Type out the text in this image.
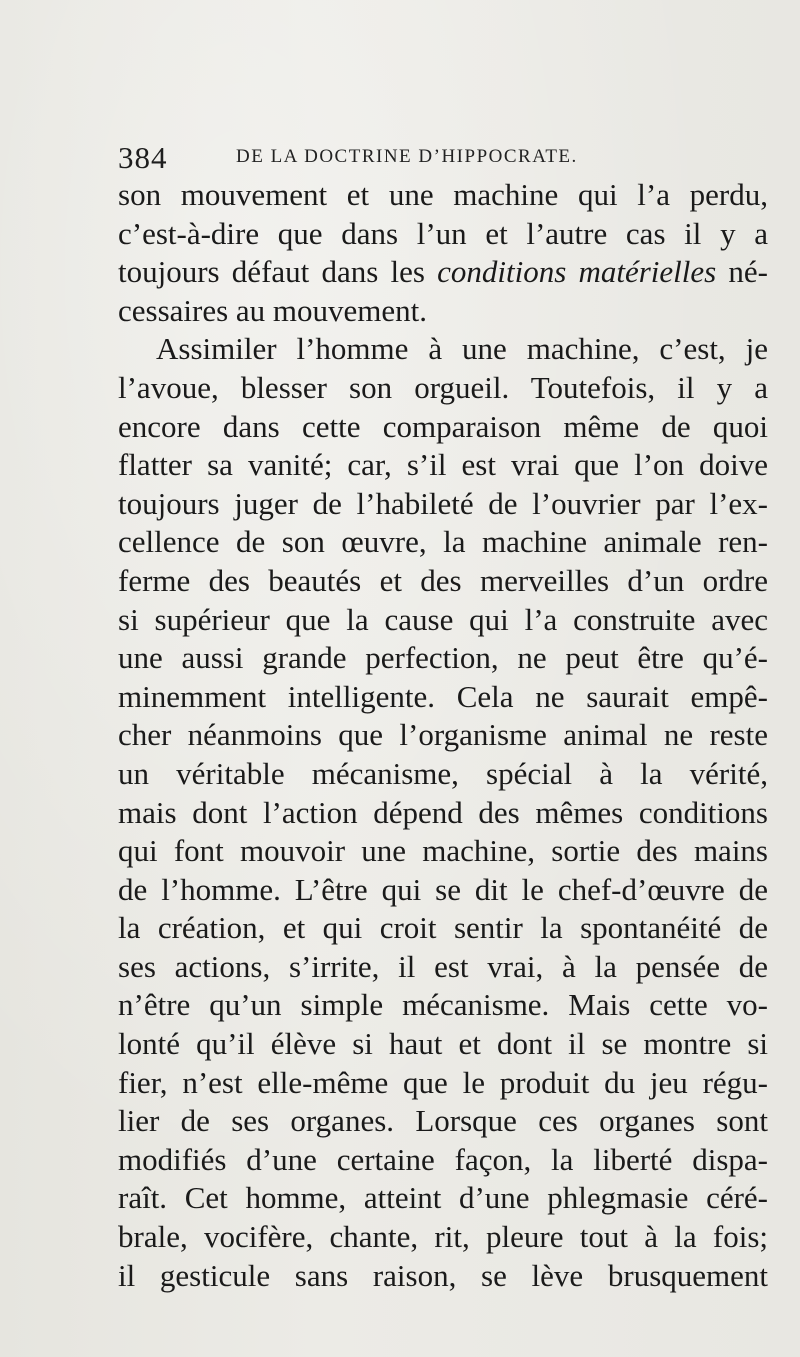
384	DE LA DOCTRINE D’HIPPOCRATE.
son mouvement et une machine qui l’a perdu,
c’est-à-dire que dans l’un et l’autre cas il y a
toujours défaut dans les conditions matérielles né-
cessaires au mouvement.
Assimiler l’homme à une machine, c’est, je
l’avoue, blesser son orgueil. Toutefois, il y a
encore dans cette comparaison même de quoi
flatter sa vanité; car, s’il est vrai que l’on doive
toujours juger de l’habileté de l’ouvrier par l’ex-
cellence de son œuvre, la machine animale ren-
ferme des beautés et des merveilles d’un ordre
si supérieur que la cause qui l’a construite avec
une aussi grande perfection, ne peut être qu’é-
minemment intelligente. Cela ne saurait empê-
cher néanmoins que l’organisme animal ne reste
un véritable mécanisme, spécial à la vérité,
mais dont l’action dépend des mêmes conditions
qui font mouvoir une machine, sortie des mains
de l’homme. L’être qui se dit le chef-d’œuvre de
la création, et qui croit sentir la spontanéité de
ses actions, s’irrite, il est vrai, à la pensée de
n’être qu’un simple mécanisme. Mais cette vo-
lonté qu’il élève si haut et dont il se montre si
fier, n’est elle-même que le produit du jeu régu-
lier de ses organes. Lorsque ces organes sont
modifiés d’une certaine façon, la liberté dispa-
raît. Cet homme, atteint d’une phlegmasie céré-
brale, vocifère, chante, rit, pleure tout à la fois;
il gesticule sans raison, se lève brusquement
